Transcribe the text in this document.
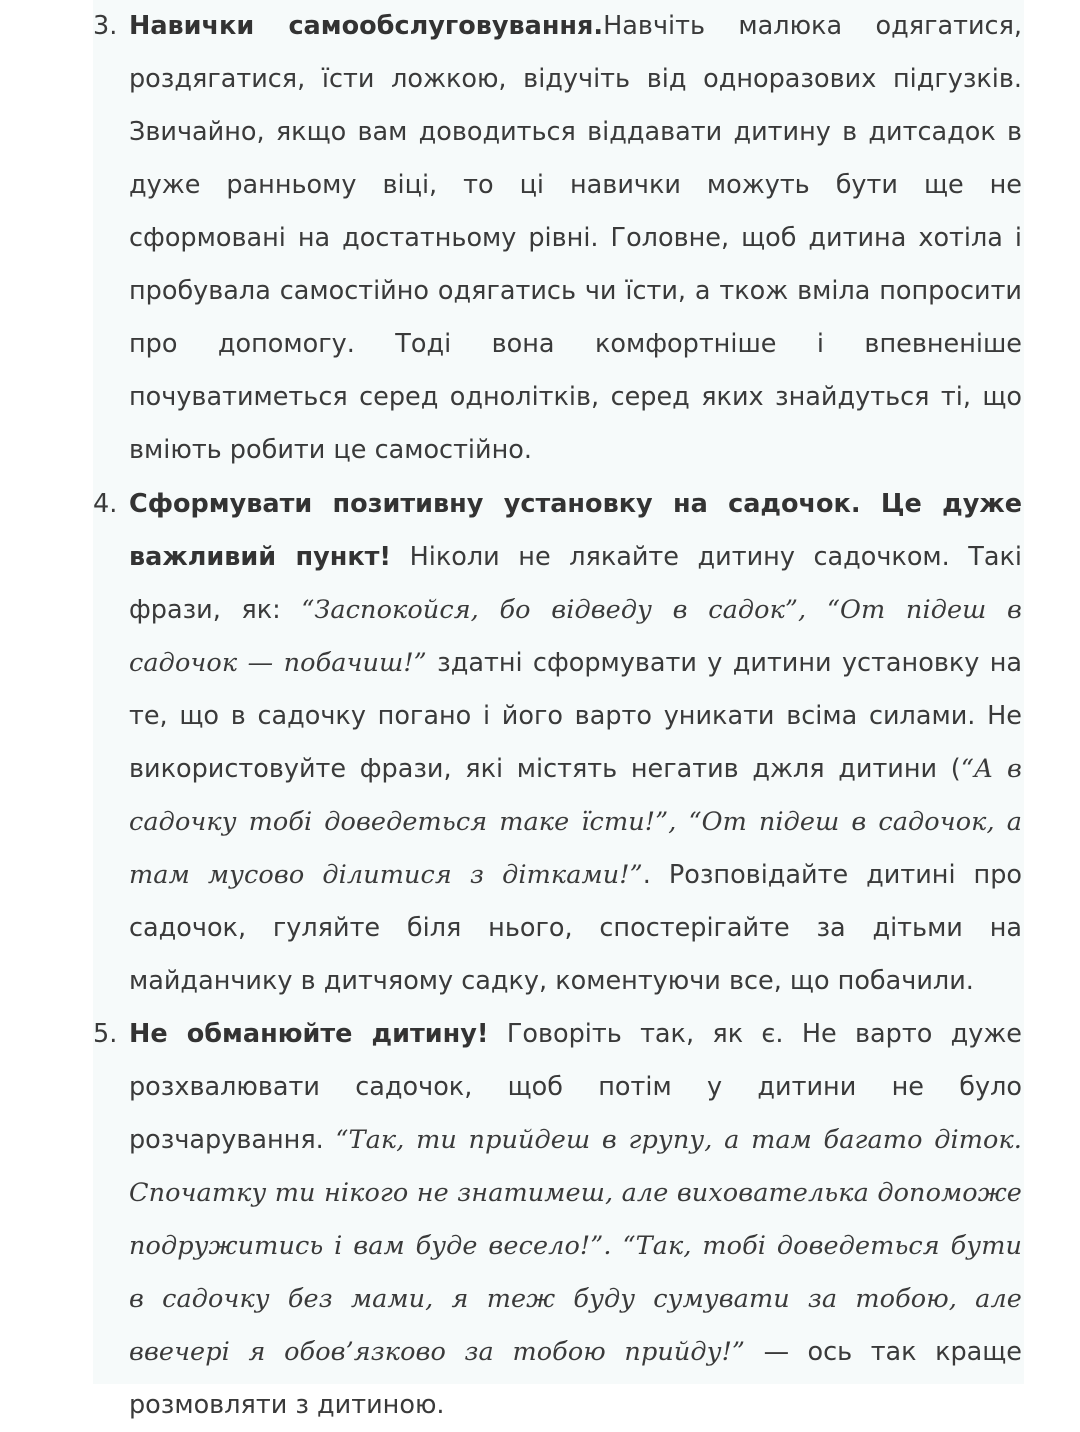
3. Навички самообслуговування.Навчіть малюка одягатися, роздягатися, їсти ложкою, відучіть від одноразових підгузків. Звичайно, якщо вам доводиться віддавати дитину в дитсадок в дуже ранньому віці, то ці навички можуть бути ще не сформовані на достатньому рівні. Головне, щоб дитина хотіла і пробувала самостійно одягатись чи їсти, а ткож вміла попросити про допомогу. Тоді вона комфортніше і впевненіше почуватиметься серед однолітків, серед яких знайдуться ті, що вміють робити це самостійно.
4. Сформувати позитивну установку на садочок. Це дуже важливий пункт! Ніколи не лякайте дитину садочком. Такі фрази, як: “Заспокойся, бо відведу в садок”, “От підеш в садочок — побачиш!” здатні сформувати у дитини установку на те, що в садочку погано і його варто уникати всіма силами. Не використовуйте фрази, які містять негатив джля дитини (“А в садочку тобі доведеться таке їсти!”, “От підеш в садочок, а там мусово ділитися з дітками!”. Розповідайте дитині про садочок, гуляйте біля нього, спостерігайте за дітьми на майданчику в дитчяому садку, коментуючи все, що побачили.
5. Не обманюйте дитину! Говоріть так, як є. Не варто дуже розхвалювати садочок, щоб потім у дитини не було розчарування. “Так, ти прийдеш в групу, а там багато діток. Спочатку ти нікого не знатимеш, але вихователька допоможе подружитись і вам буде весело!”. “Так, тобі доведеться бути в садочку без мами, я теж буду сумувати за тобою, але ввечері я обов’язково за тобою прийду!” — ось так краще розмовляти з дитиною.
